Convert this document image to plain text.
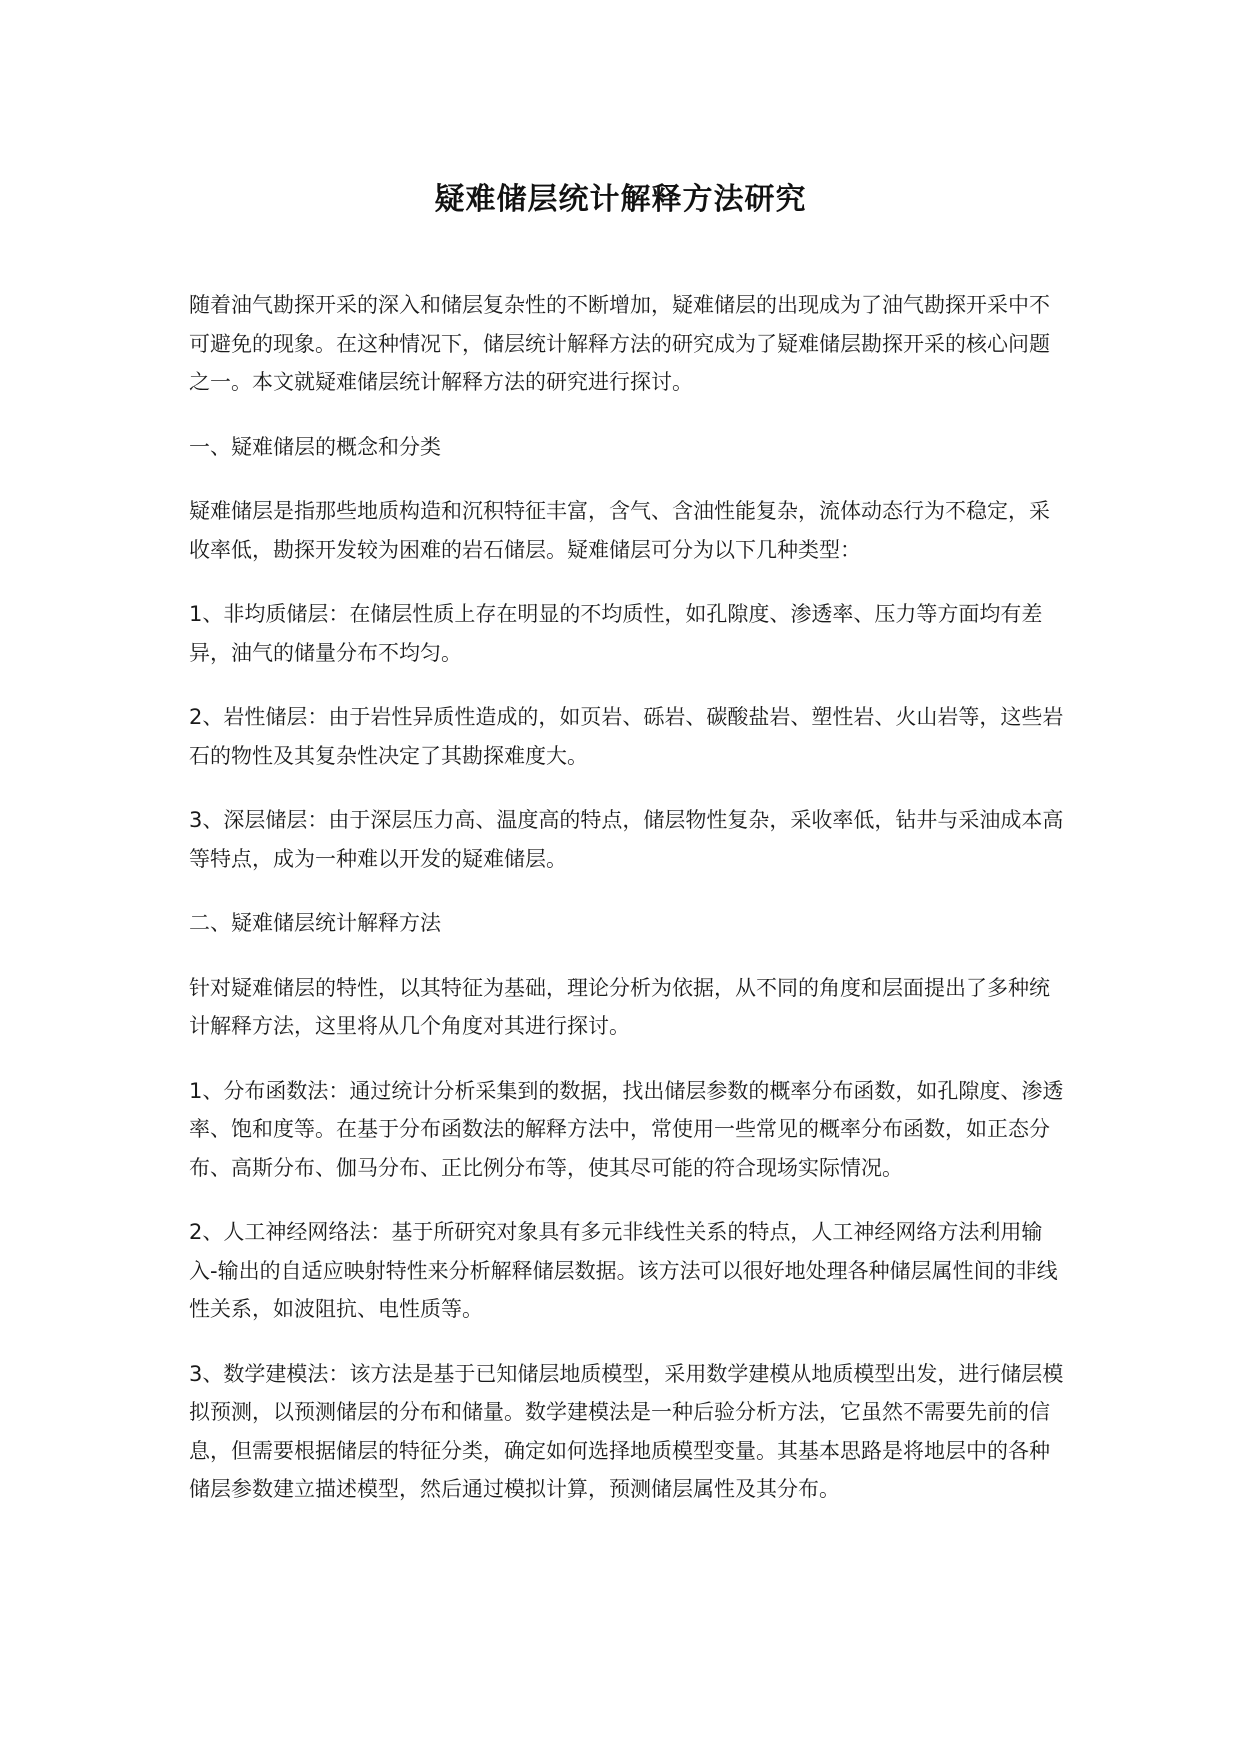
疑难储层统计解释方法研究

随着油气勘探开采的深入和储层复杂性的不断增加，疑难储层的出现成为了油气勘探开采中不可避免的现象。在这种情况下，储层统计解释方法的研究成为了疑难储层勘探开采的核心问题之一。本文就疑难储层统计解释方法的研究进行探讨。

一、疑难储层的概念和分类

疑难储层是指那些地质构造和沉积特征丰富，含气、含油性能复杂，流体动态行为不稳定，采收率低，勘探开发较为困难的岩石储层。疑难储层可分为以下几种类型：

1、非均质储层：在储层性质上存在明显的不均质性，如孔隙度、渗透率、压力等方面均有差异，油气的储量分布不均匀。

2、岩性储层：由于岩性异质性造成的，如页岩、砾岩、碳酸盐岩、塑性岩、火山岩等，这些岩石的物性及其复杂性决定了其勘探难度大。

3、深层储层：由于深层压力高、温度高的特点，储层物性复杂，采收率低，钻井与采油成本高等特点，成为一种难以开发的疑难储层。

二、疑难储层统计解释方法

针对疑难储层的特性，以其特征为基础，理论分析为依据，从不同的角度和层面提出了多种统计解释方法，这里将从几个角度对其进行探讨。

1、分布函数法：通过统计分析采集到的数据，找出储层参数的概率分布函数，如孔隙度、渗透率、饱和度等。在基于分布函数法的解释方法中，常使用一些常见的概率分布函数，如正态分布、高斯分布、伽马分布、正比例分布等，使其尽可能的符合现场实际情况。

2、人工神经网络法：基于所研究对象具有多元非线性关系的特点，人工神经网络方法利用输入-输出的自适应映射特性来分析解释储层数据。该方法可以很好地处理各种储层属性间的非线性关系，如波阻抗、电性质等。

3、数学建模法：该方法是基于已知储层地质模型，采用数学建模从地质模型出发，进行储层模拟预测，以预测储层的分布和储量。数学建模法是一种后验分析方法，它虽然不需要先前的信息，但需要根据储层的特征分类，确定如何选择地质模型变量。其基本思路是将地层中的各种储层参数建立描述模型，然后通过模拟计算，预测储层属性及其分布。
